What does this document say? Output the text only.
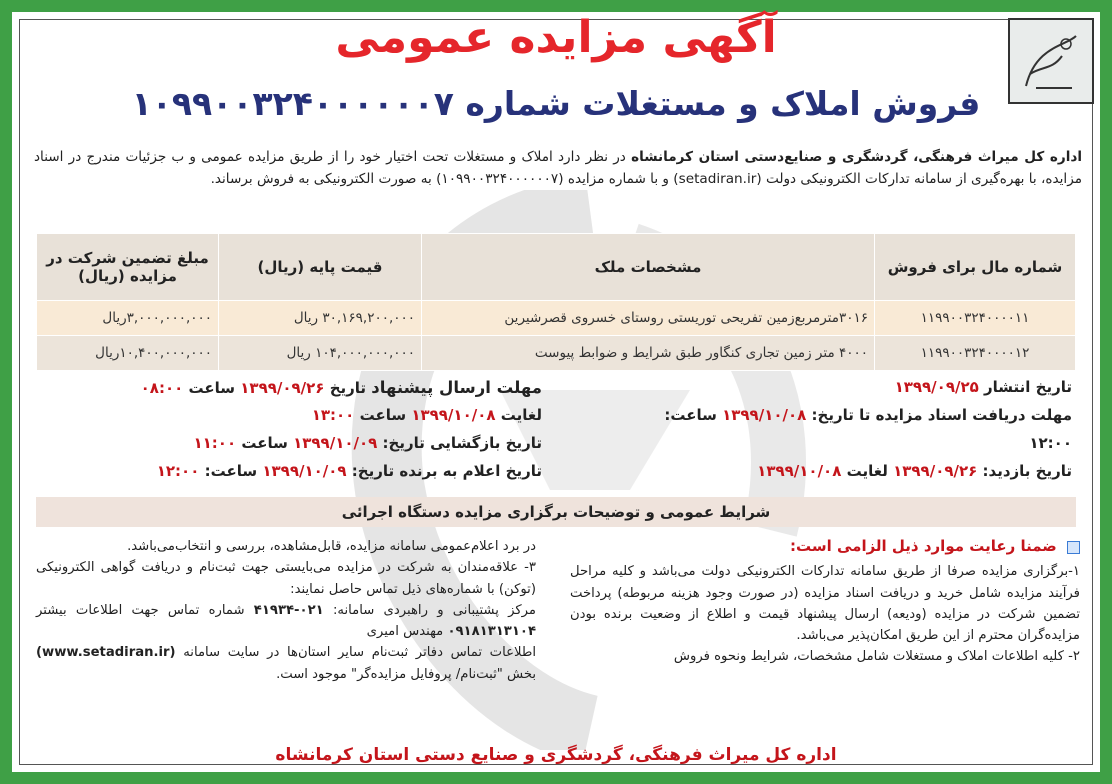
آگهی مزایده عمومی
فروش املاک و مستغلات شماره ۱۰۹۹۰۰۳۲۴۰۰۰۰۰۰۷
اداره کل میراث فرهنگی، گردشگری و صنایع‌دستی استان کرمانشاه در نظر دارد املاک و مستغلات تحت اختیار خود را از طریق مزایده عمومی و ب جزئیات مندرج در اسناد مزایده، با بهره‌گیری از سامانه تدارکات الکترونیکی دولت (setadiran.ir) و با شماره مزایده (۱۰۹۹۰۰۳۲۴۰۰۰۰۰۰۷) به صورت الکترونیکی به فروش برساند.
شماره مال برای فروش	مشخصات ملک	قیمت پایه (ریال)	مبلغ تضمین شرکت در مزایده (ریال)
۱۱۹۹۰۰۳۲۴۰۰۰۰۱۱	۳۰۱۶مترمربع‌زمین تفریحی توریستی روستای خسروی قصرشیرین	۳۰,۱۶۹,۲۰۰,۰۰۰ ریال	۳,۰۰۰,۰۰۰,۰۰۰ریال
۱۱۹۹۰۰۳۲۴۰۰۰۰۱۲	۴۰۰۰ متر زمین تجاری کنگاور طبق شرایط و ضوابط پیوست	۱۰۴,۰۰۰,۰۰۰,۰۰۰ ریال	۱۰,۴۰۰,۰۰۰,۰۰۰ریال
تاریخ انتشار ۱۳۹۹/۰۹/۲۵
مهلت دریافت اسناد مزایده تا تاریخ: ۱۳۹۹/۱۰/۰۸ ساعت:
۱۲:۰۰
تاریخ بازدید: ۱۳۹۹/۰۹/۲۶ لغایت ۱۳۹۹/۱۰/۰۸
مهلت ارسال پیشنهاد تاریخ ۱۳۹۹/۰۹/۲۶ ساعت ۰۸:۰۰
لغایت ۱۳۹۹/۱۰/۰۸ ساعت ۱۳:۰۰
تاریخ بازگشایی تاریخ: ۱۳۹۹/۱۰/۰۹ ساعت ۱۱:۰۰
تاریخ اعلام به برنده تاریخ: ۱۳۹۹/۱۰/۰۹ ساعت: ۱۲:۰۰
شرایط عمومی و توضیحات برگزاری مزایده دستگاه اجرائی

ضمنا رعایت موارد ذیل الزامی است:

۱-برگزاری مزایده صرفا از طریق سامانه تدارکات الکترونیکی دولت می‌باشد و کلیه مراحل فرآیند مزایده شامل خرید و دریافت اسناد مزایده (در صورت وجود هزینه مربوطه) پرداخت تضمین شرکت در مزایده (ودیعه) ارسال پیشنهاد قیمت و اطلاع از وضعیت برنده بودن مزایده‌گران محترم از این طریق امکان‌پذیر می‌باشد.

۲- کلیه اطلاعات املاک و مستغلات شامل مشخصات، شرایط ونحوه فروش

در برد اعلام‌عمومی سامانه مزایده، قابل‌مشاهده، بررسی و انتخاب‌می‌باشد.

۳- علاقه‌مندان به شرکت در مزایده می‌بایستی جهت ثبت‌نام و دریافت گواهی الکترونیکی (توکن) با شماره‌های ذیل تماس حاصل نمایند:

مرکز پشتیبانی و راهبردی سامانه: ۰۲۱-۴۱۹۳۴ شماره تماس جهت اطلاعات بیشتر ۰۹۱۸۱۳۱۳۱۰۴ مهندس امیری

اطلاعات تماس دفاتر ثبت‌نام سایر استان‌ها در سایت سامانه (www.setadiran.ir) بخش "ثبت‌نام/ پروفایل مزایده‌گر" موجود است.

اداره کل میراث فرهنگی، گردشگری و صنایع دستی استان کرمانشاه
